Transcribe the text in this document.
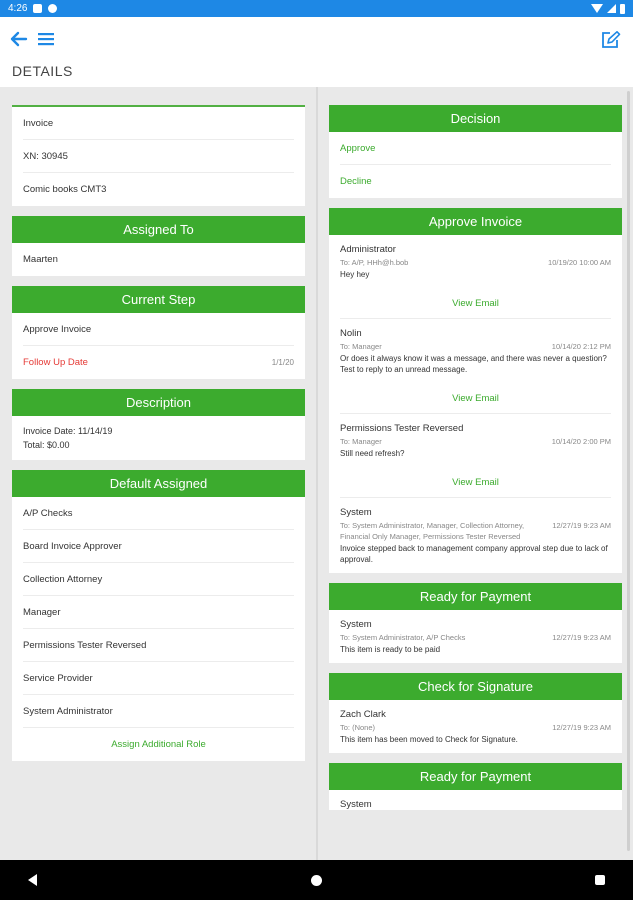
4:26
DETAILS
Invoice
XN: 30945
Comic books CMT3
Assigned To
Maarten
Current Step
Approve Invoice
Follow Up Date	1/1/20
Description
Invoice Date: 11/14/19
Total: $0.00
Default Assigned
A/P Checks
Board Invoice Approver
Collection Attorney
Manager
Permissions Tester Reversed
Service Provider
System Administrator
Assign Additional Role
Decision
Approve
Decline
Approve Invoice
Administrator
To: A/P, HHh@h.bob	10/19/20 10:00 AM
Hey hey
View Email
Nolin
To: Manager	10/14/20 2:12 PM
Or does it always know it was a message, and there was never a question? Test to reply to an unread message.
View Email
Permissions Tester Reversed
To: Manager	10/14/20 2:00 PM
Still need refresh?
View Email
System
To: System Administrator, Manager, Collection Attorney, Financial Only Manager, Permissions Tester Reversed
12/27/19 9:23 AM
Invoice stepped back to management company approval step due to lack of approval.
Ready for Payment
System
To: System Administrator, A/P Checks	12/27/19 9:23 AM
This item is ready to be paid
Check for Signature
Zach Clark
To: (None)	12/27/19 9:23 AM
This item has been moved to Check for Signature.
Ready for Payment
System
